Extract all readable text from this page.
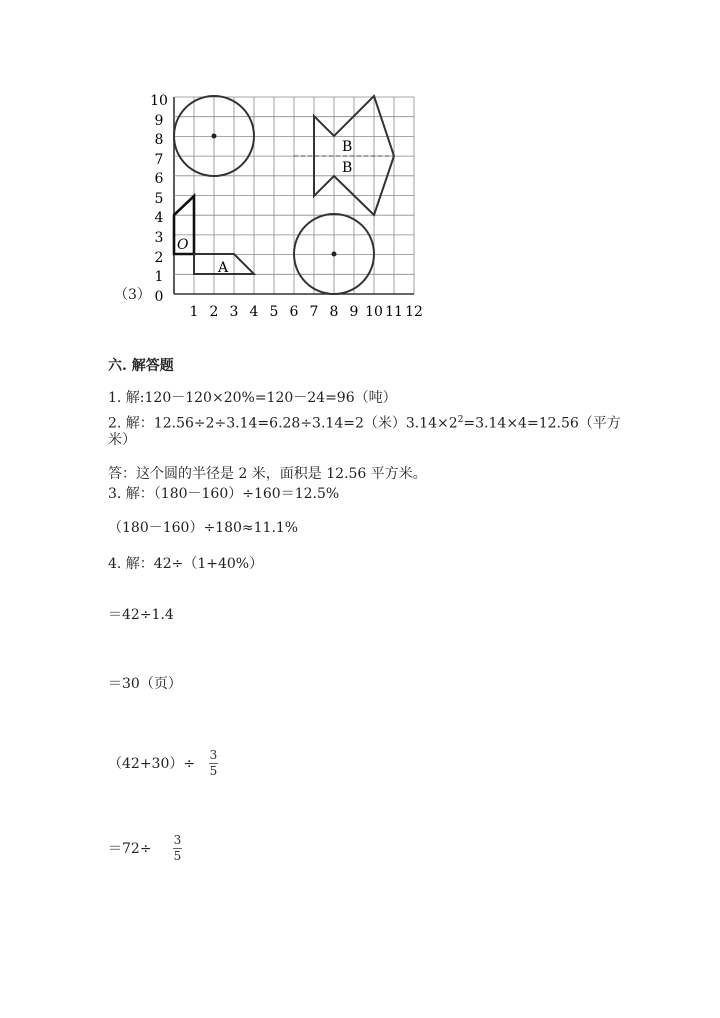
10
9
8
7
6
5
4
3
2
1
0
1 2 3 4 5 6 7 8 9 10 11 12
O
A
B
B
（3）
六. 解答题
1. 解:120－120×20%=120－24=96（吨）
2. 解：12.56÷2÷3.14=6.28÷3.14=2（米）$3.14\times 2^2=3.14\times 4=12.56$（平方
米）
答：这个圆的半径是 2 米，面积是 12.56 平方米。
3. 解：（180－160）÷160＝12.5%
（180－160）÷180≈11.1%
4. 解：42÷（1+40%）
＝42÷1.4
＝30（页）
（42+30）÷
3
5
＝72÷
3
5
